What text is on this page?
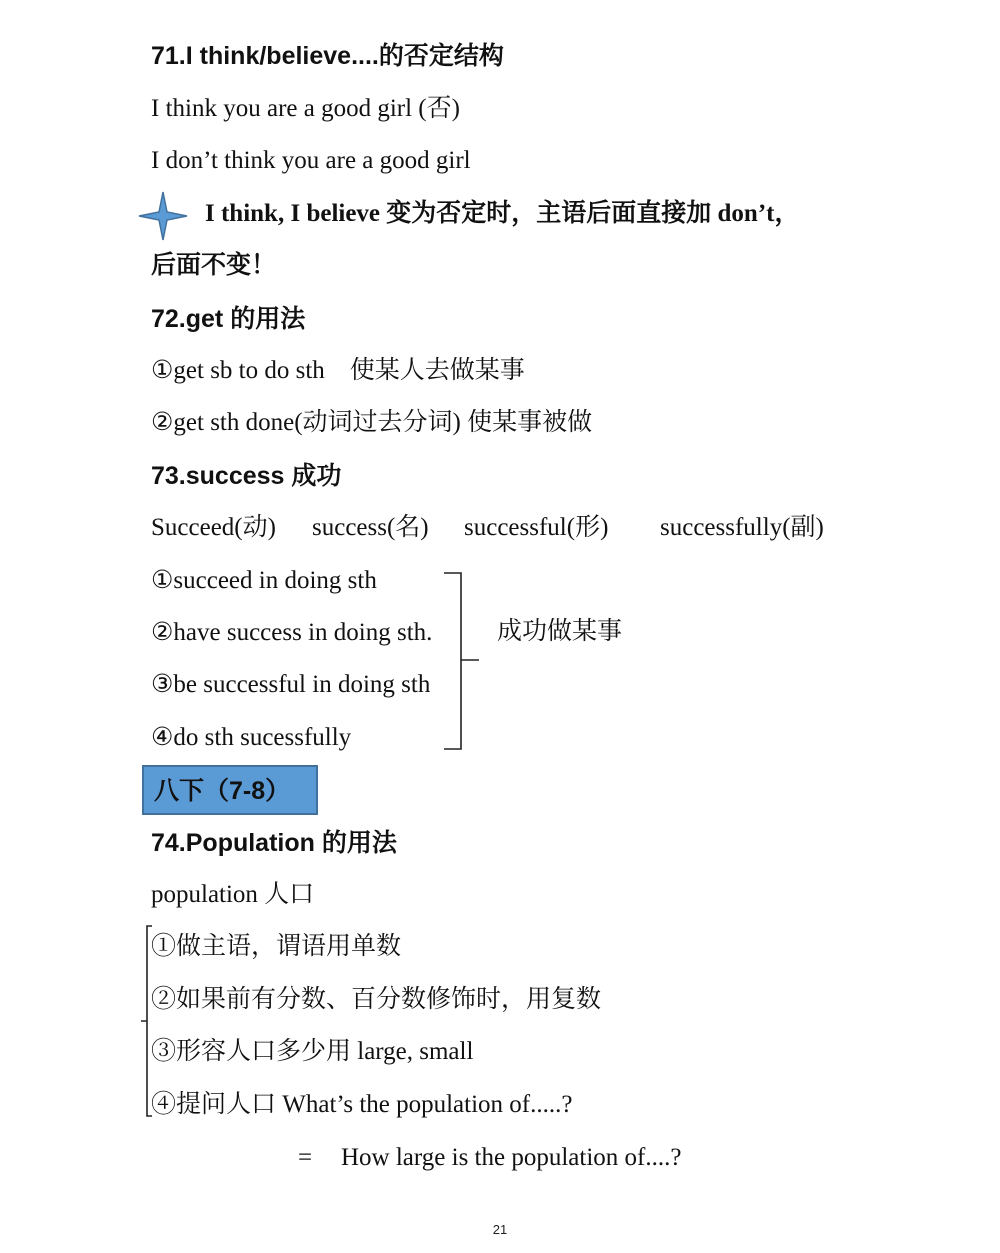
71.I think/believe....的否定结构
I think you are a good girl (否)
I don’t think you are a good girl
I think, I believe 变为否定时，主语后面直接加 don’t，
后面不变！
72.get 的用法
①get sb to do sth　使某人去做某事
②get sth done(动词过去分词) 使某事被做
73.success 成功
Succeed(动) success(名) successful(形) successfully(副)
①succeed in doing sth
②have success in doing sth.
③be successful in doing sth
④do sth sucessfully
成功做某事
八下（7-8）
74.Population 的用法
population 人口
①做主语，谓语用单数
②如果前有分数、百分数修饰时，用复数
③形容人口多少用 large, small
④提问人口 What’s the population of.....?
= How large is the population of....?
21
